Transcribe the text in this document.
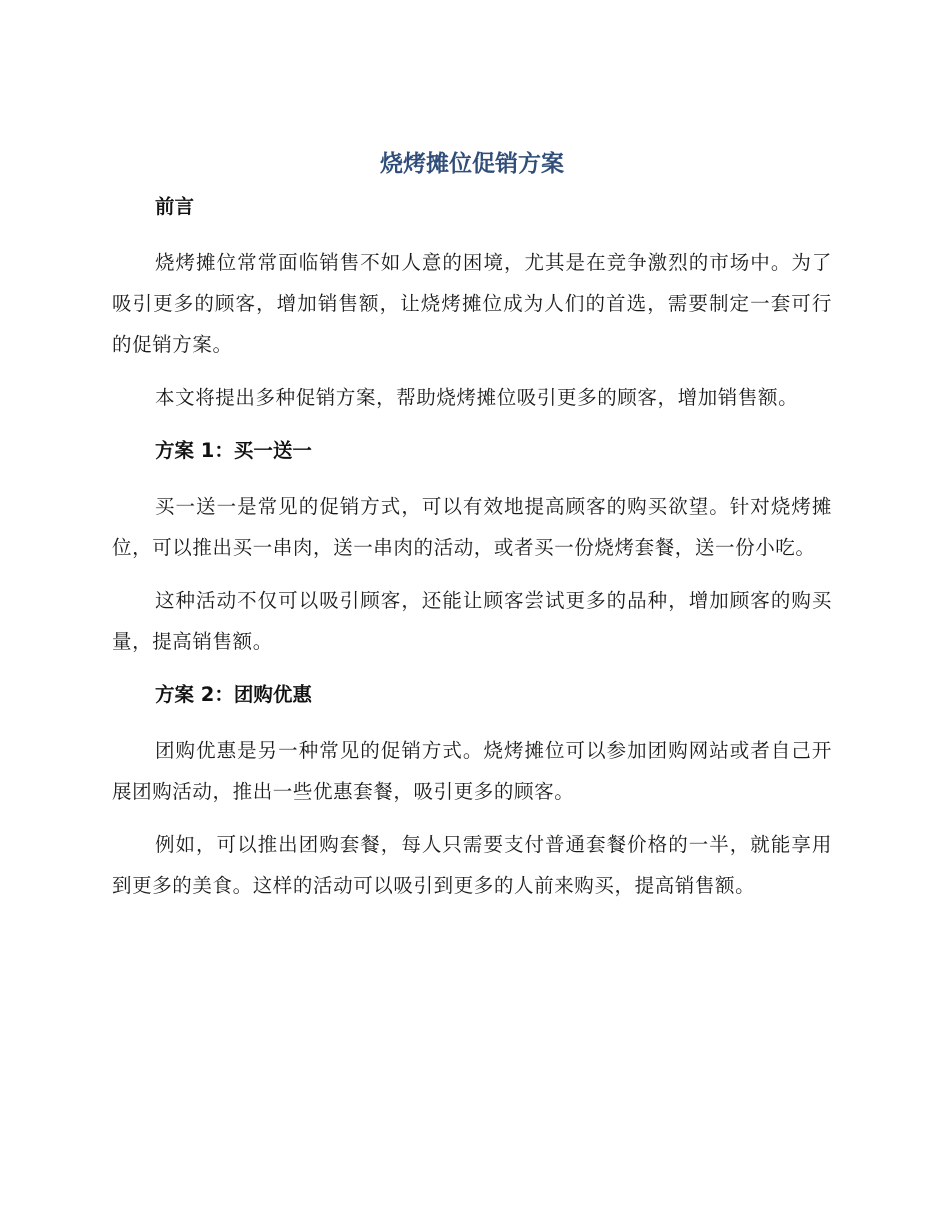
烧烤摊位促销方案
前言

烧烤摊位常常面临销售不如人意的困境，尤其是在竞争激烈的市场中。为了吸引更多的顾客，增加销售额，让烧烤摊位成为人们的首选，需要制定一套可行的促销方案。

本文将提出多种促销方案，帮助烧烤摊位吸引更多的顾客，增加销售额。

方案 1：买一送一

买一送一是常见的促销方式，可以有效地提高顾客的购买欲望。针对烧烤摊位，可以推出买一串肉，送一串肉的活动，或者买一份烧烤套餐，送一份小吃。

这种活动不仅可以吸引顾客，还能让顾客尝试更多的品种，增加顾客的购买量，提高销售额。

方案 2：团购优惠

团购优惠是另一种常见的促销方式。烧烤摊位可以参加团购网站或者自己开展团购活动，推出一些优惠套餐，吸引更多的顾客。

例如，可以推出团购套餐，每人只需要支付普通套餐价格的一半，就能享用到更多的美食。这样的活动可以吸引到更多的人前来购买，提高销售额。
